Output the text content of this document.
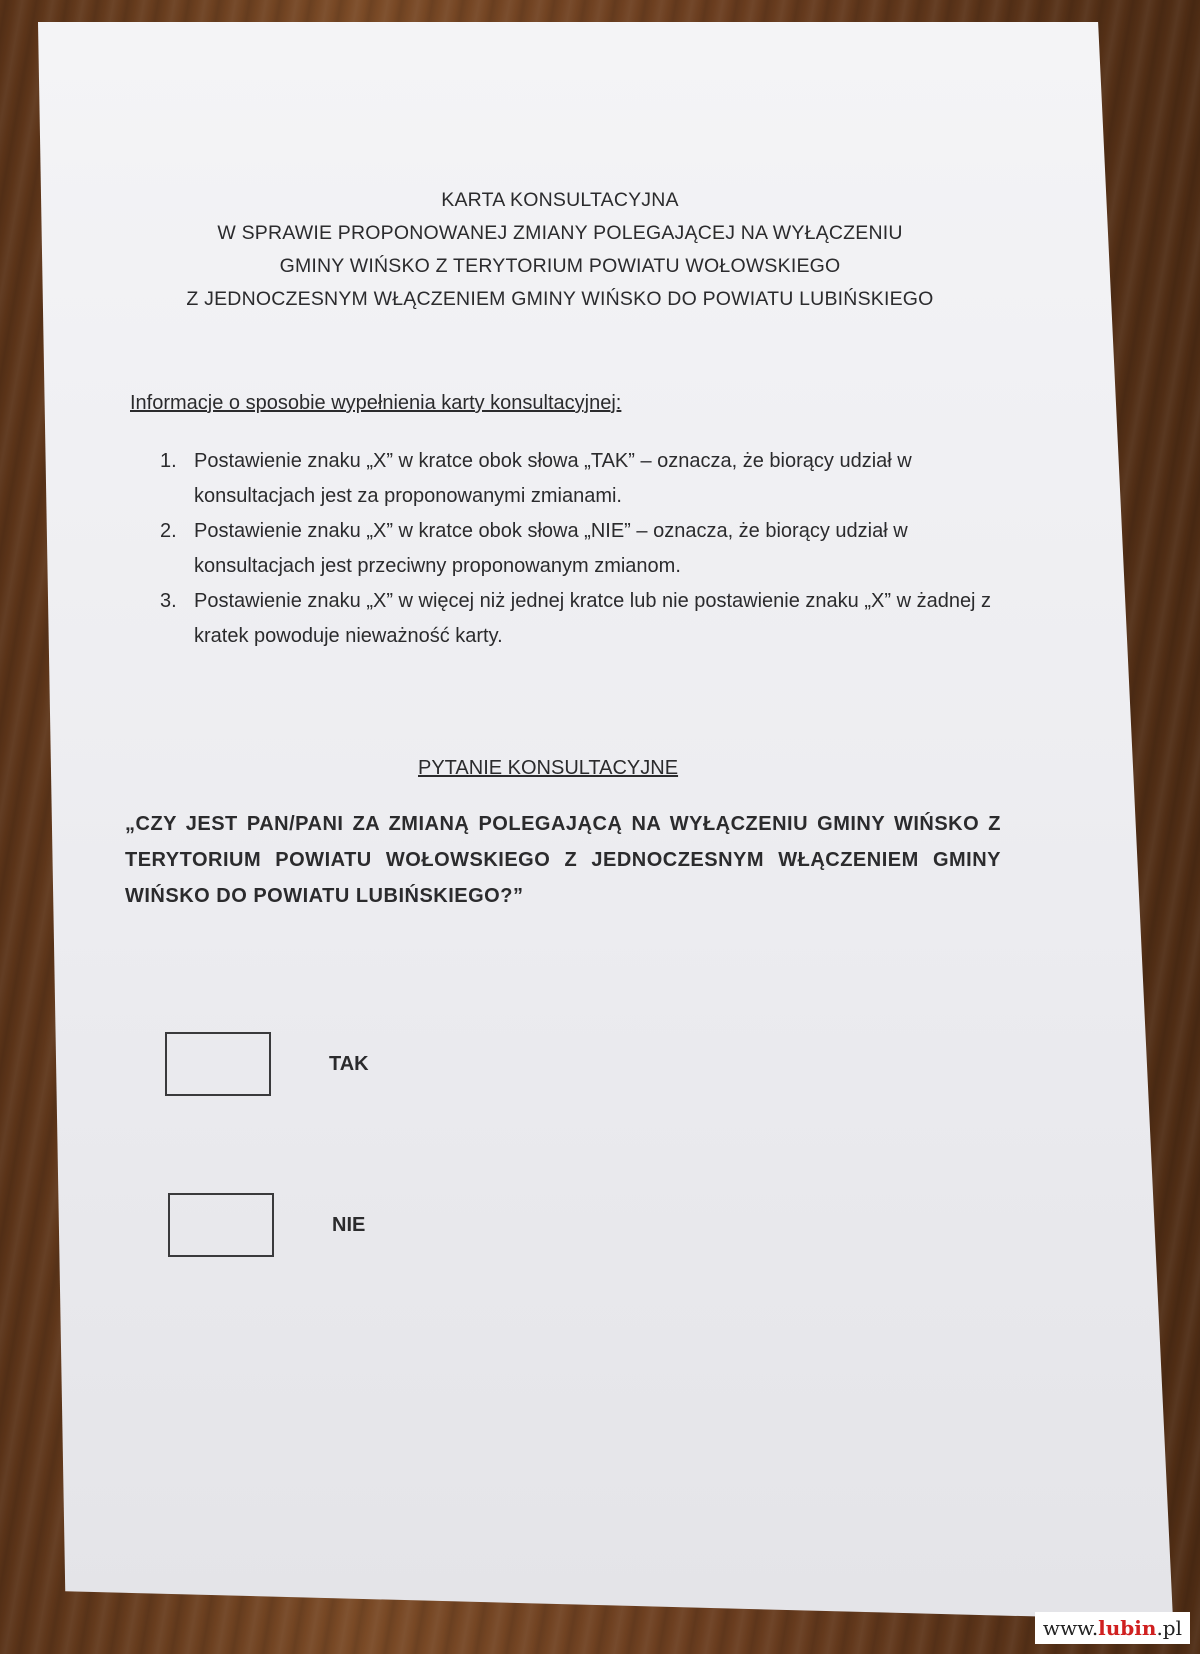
KARTA KONSULTACYJNA
W SPRAWIE PROPONOWANEJ ZMIANY POLEGAJĄCEJ NA WYŁĄCZENIU
GMINY WIŃSKO Z TERYTORIUM POWIATU WOŁOWSKIEGO
Z JEDNOCZESNYM WŁĄCZENIEM GMINY WIŃSKO DO POWIATU LUBIŃSKIEGO
Informacje o sposobie wypełnienia karty konsultacyjnej:
1. Postawienie znaku „X” w kratce obok słowa „TAK” – oznacza, że biorący udział w konsultacjach jest za proponowanymi zmianami.
2. Postawienie znaku „X” w kratce obok słowa „NIE” – oznacza, że biorący udział w konsultacjach jest przeciwny proponowanym zmianom.
3. Postawienie znaku „X” w więcej niż jednej kratce lub nie postawienie znaku „X” w żadnej z kratek powoduje nieważność karty.
PYTANIE KONSULTACYJNE
„CZY JEST PAN/PANI ZA ZMIANĄ POLEGAJĄCĄ NA WYŁĄCZENIU GMINY WIŃSKO Z TERYTORIUM POWIATU WOŁOWSKIEGO Z JEDNOCZESNYM WŁĄCZENIEM GMINY WIŃSKO DO POWIATU LUBIŃSKIEGO?”
TAK
NIE
www.lubin.pl
